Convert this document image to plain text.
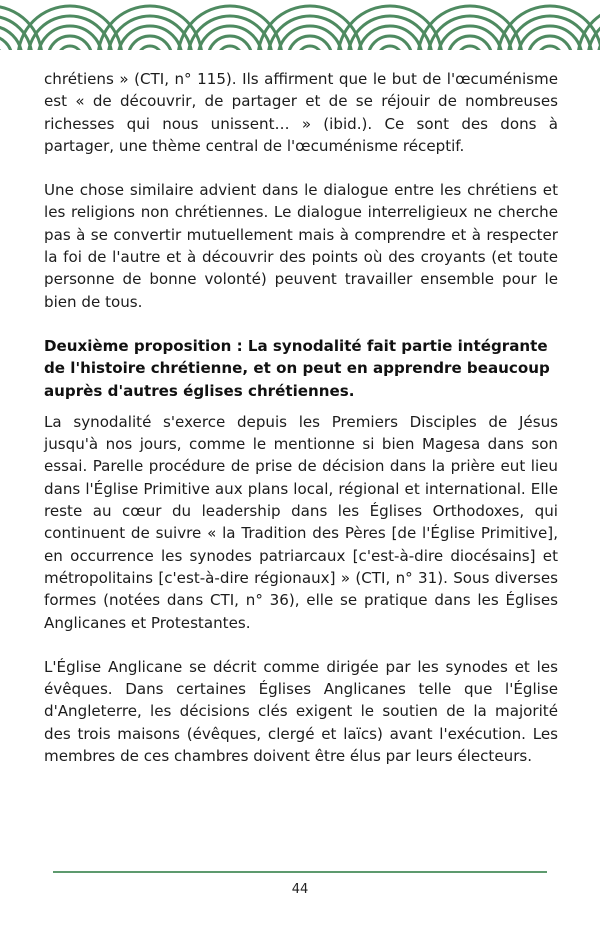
chrétiens » (CTI, n° 115). Ils affirment que le but de l'œcuménisme est « de découvrir, de partager et de se réjouir de nombreuses richesses qui nous unissent… » (ibid.). Ce sont des dons à partager, une thème central de l'œcuménisme réceptif.

Une chose similaire advient dans le dialogue entre les chrétiens et les religions non chrétiennes. Le dialogue interreligieux ne cherche pas à se convertir mutuellement mais à comprendre et à respecter la foi de l'autre et à découvrir des points où des croyants (et toute personne de bonne volonté) peuvent travailler ensemble pour le bien de tous.

Deuxième proposition : La synodalité fait partie intégrante de l'histoire chrétienne, et on peut en apprendre beaucoup auprès d'autres églises chrétiennes.

La synodalité s'exerce depuis les Premiers Disciples de Jésus jusqu'à nos jours, comme le mentionne si bien Magesa dans son essai. Parelle procédure de prise de décision dans la prière eut lieu dans l'Église Primitive aux plans local, régional et international. Elle reste au cœur du leadership dans les Églises Orthodoxes, qui continuent de suivre « la Tradition des Pères [de l'Église Primitive], en occurrence les synodes patriarcaux [c'est-à-dire diocésains] et métropolitains [c'est-à-dire régionaux] » (CTI, n° 31). Sous diverses formes (notées dans CTI, n° 36), elle se pratique dans les Églises Anglicanes et Protestantes.

L'Église Anglicane se décrit comme dirigée par les synodes et les évêques. Dans certaines Églises Anglicanes telle que l'Église d'Angleterre, les décisions clés exigent le soutien de la majorité des trois maisons (évêques, clergé et laïcs) avant l'exécution. Les membres de ces chambres doivent être élus par leurs électeurs.

44
